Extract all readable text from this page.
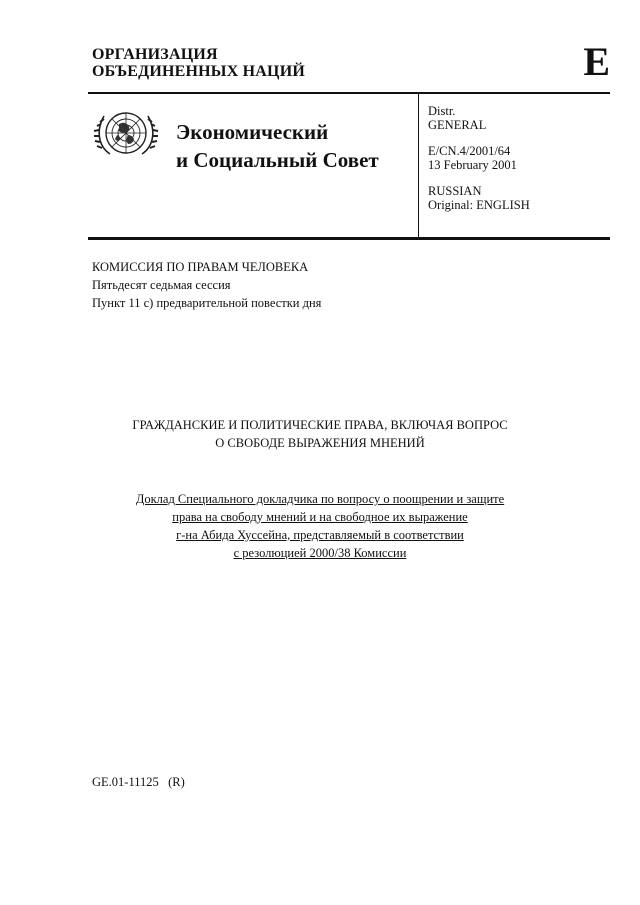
ОРГАНИЗАЦИЯ
ОБЪЕДИНЕННЫХ НАЦИЙ	E
Экономический
и Социальный Совет
Distr.
GENERAL
E/CN.4/2001/64
13 February 2001
RUSSIAN
Original: ENGLISH
КОМИССИЯ ПО ПРАВАМ ЧЕЛОВЕКА
Пятьдесят седьмая сессия
Пункт 11 c) предварительной повестки дня
ГРАЖДАНСКИЕ И ПОЛИТИЧЕСКИЕ ПРАВА, ВКЛЮЧАЯ ВОПРОС
О СВОБОДЕ ВЫРАЖЕНИЯ МНЕНИЙ
Доклад Специального докладчика по вопросу о поощрении и защите
права на свободу мнений и на свободное их выражение
г-на Абида Хуссейна, представляемый в соответствии
с резолюцией 2000/38 Комиссии
GE.01-11125   (R)
